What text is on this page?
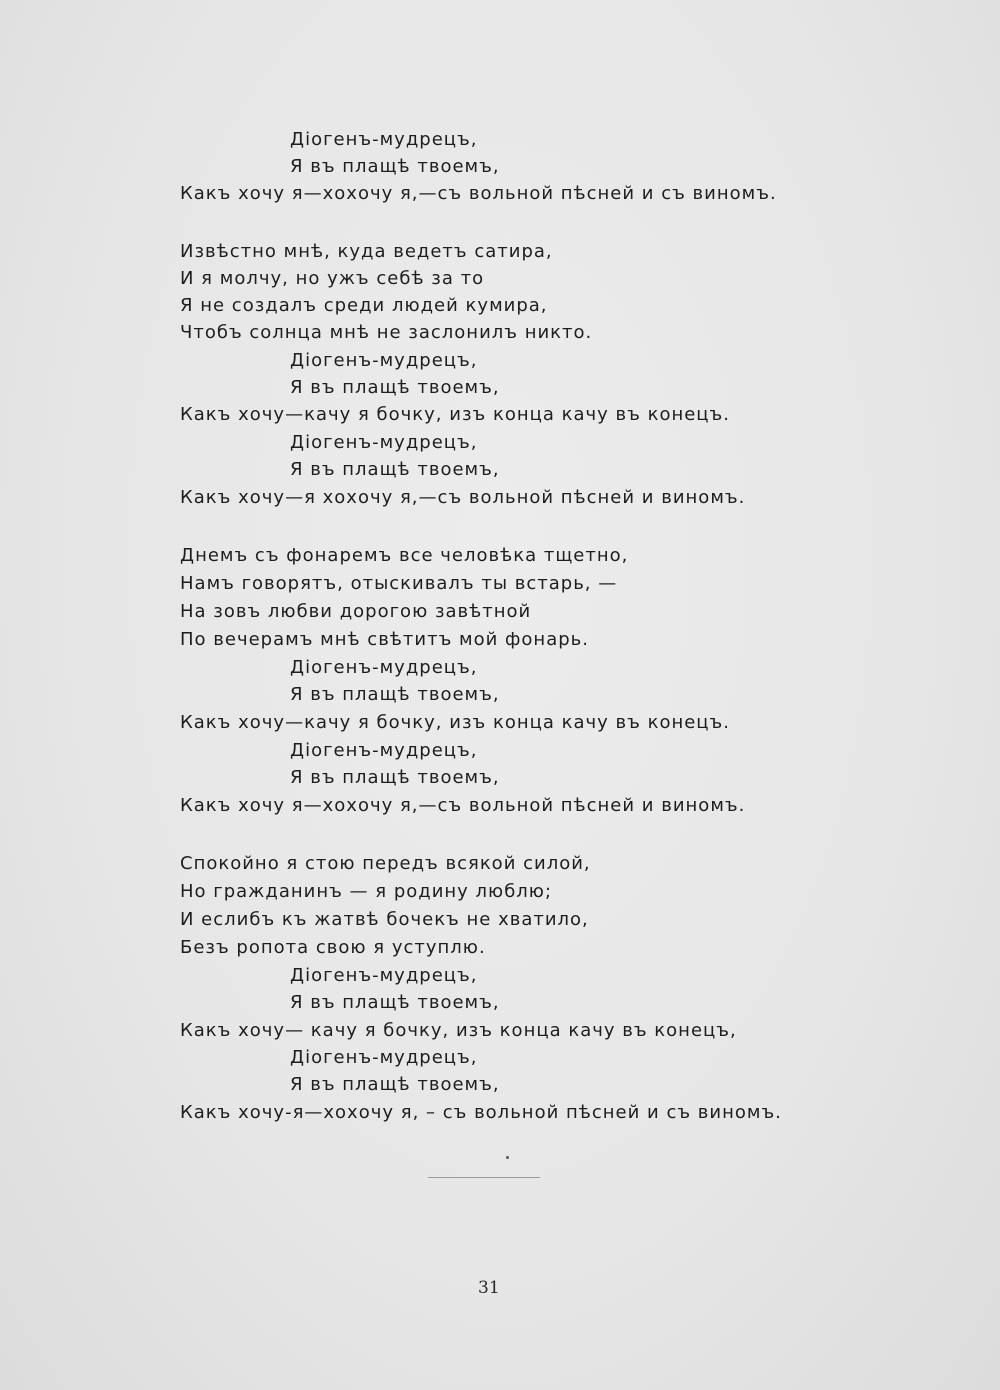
Діогенъ-мудрецъ,
Я въ плащѣ твоемъ,
Какъ хочу я—хохочу я,—съ вольной пѣсней и съ виномъ.
Извѣстно мнѣ, куда ведетъ сатира,
И я молчу, но ужъ себѣ за то
Я не создалъ среди людей кумира,
Чтобъ солнца мнѣ не заслонилъ никто.
Діогенъ-мудрецъ,
Я въ плащѣ твоемъ,
Какъ хочу—качу я бочку, изъ конца качу въ конецъ.
Діогенъ-мудрецъ,
Я въ плащѣ твоемъ,
Какъ хочу—я хохочу я,—съ вольной пѣсней и виномъ.
Днемъ съ фонаремъ все человѣка тщетно,
Намъ говорятъ, отыскивалъ ты встарь, —
На зовъ любви дорогою завѣтной
По вечерамъ мнѣ свѣтитъ мой фонарь.
Діогенъ-мудрецъ,
Я въ плащѣ твоемъ,
Какъ хочу—качу я бочку, изъ конца качу въ конецъ.
Діогенъ-мудрецъ,
Я въ плащѣ твоемъ,
Какъ хочу я—хохочу я,—съ вольной пѣсней и виномъ.
Спокойно я стою передъ всякой силой,
Но гражданинъ — я родину люблю;
И еслибъ къ жатвѣ бочекъ не хватило,
Безъ ропота свою я уступлю.
Діогенъ-мудрецъ,
Я въ плащѣ твоемъ,
Какъ хочу— качу я бочку, изъ конца качу въ конецъ,
Діогенъ-мудрецъ,
Я въ плащѣ твоемъ,
Какъ хочу-я—хохочу я, – съ вольной пѣсней и съ виномъ.
31
